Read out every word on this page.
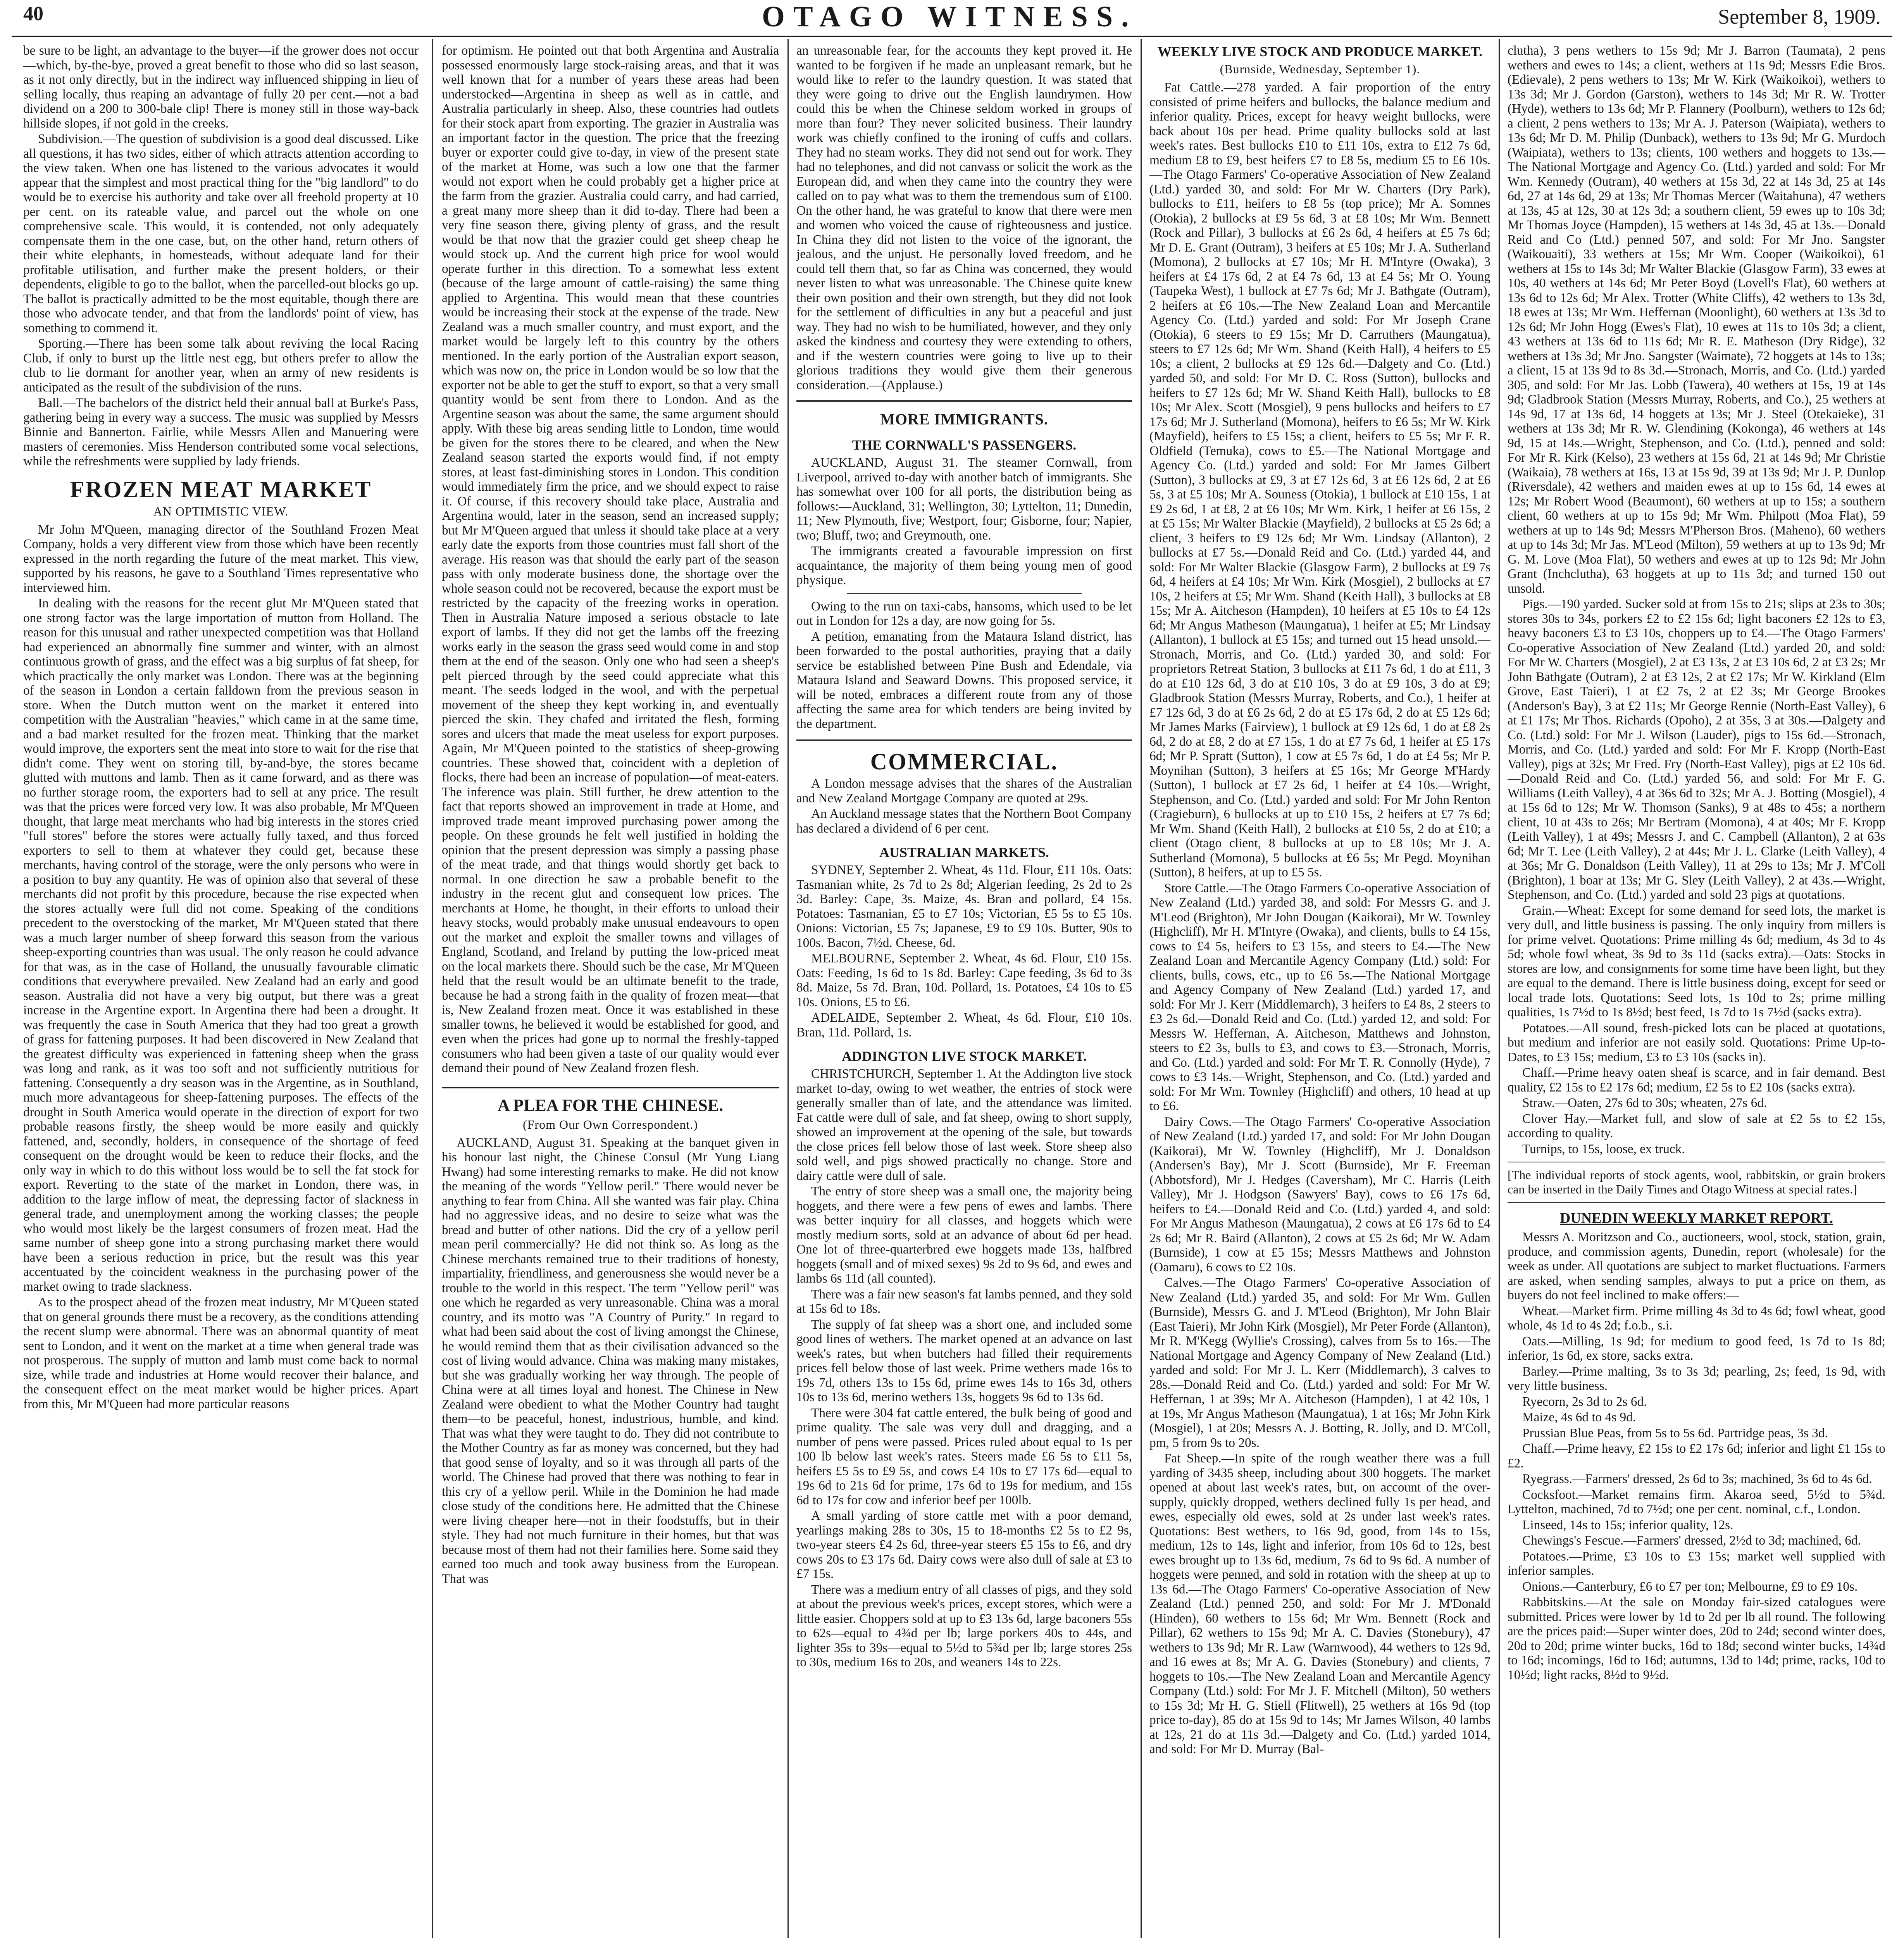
40	OTAGO WITNESS.	September 8, 1909.

be sure to be light, an advantage to the buyer—if the grower does not occur—which, by-the-bye, proved a great benefit to those who did so last season, as it not only directly, but in the indirect way influenced shipping in lieu of selling locally, thus reaping an advantage of fully 20 per cent.—not a bad dividend on a 200 to 300-bale clip! There is money still in those way-back hillside slopes, if not gold in the creeks.

Subdivision.—The question of subdivision is a good deal discussed. Like all questions, it has two sides, either of which attracts attention according to the view taken. When one has listened to the various advocates it would appear that the simplest and most practical thing for the "big landlord" to do would be to exercise his authority and take over all freehold property at 10 per cent. on its rateable value, and parcel out the whole on one comprehensive scale. This would, it is contended, not only adequately compensate them in the one case, but, on the other hand, return others of their white elephants, in homesteads, without adequate land for their profitable utilisation, and further make the present holders, or their dependents, eligible to go to the ballot, when the parcelled-out blocks go up. The ballot is practically admitted to be the most equitable, though there are those who advocate tender, and that from the landlords' point of view, has something to commend it.

Sporting.—There has been some talk about reviving the local Racing Club, if only to burst up the little nest egg, but others prefer to allow the club to lie dormant for another year, when an army of new residents is anticipated as the result of the subdivision of the runs.

Ball.—The bachelors of the district held their annual ball at Burke's Pass, gathering being in every way a success. The music was supplied by Messrs Binnie and Bannerton. Fairlie, while Messrs Allen and Manuering were masters of ceremonies. Miss Henderson contributed some vocal selections, while the refreshments were supplied by lady friends.

FROZEN MEAT MARKET
AN OPTIMISTIC VIEW.

Mr John M'Queen, managing director of the Southland Frozen Meat Company, holds a very different view from those which have been recently expressed in the north regarding the future of the meat market. This view, supported by his reasons, he gave to a Southland Times representative who interviewed him.

In dealing with the reasons for the recent glut Mr M'Queen stated that one strong factor was the large importation of mutton from Holland. The reason for this unusual and rather unexpected competition was that Holland had experienced an abnormally fine summer and winter, with an almost continuous growth of grass, and the effect was a big surplus of fat sheep, for which practically the only market was London. There was at the beginning of the season in London a certain falldown from the previous season in store. When the Dutch mutton went on the market it entered into competition with the Australian "heavies," which came in at the same time, and a bad market resulted for the frozen meat. Thinking that the market would improve, the exporters sent the meat into store to wait for the rise that didn't come. They went on storing till, by-and-bye, the stores became glutted with muttons and lamb. Then as it came forward, and as there was no further storage room, the exporters had to sell at any price. The result was that the prices were forced very low. It was also probable, Mr M'Queen thought, that large meat merchants who had big interests in the stores cried "full stores" before the stores were actually fully taxed, and thus forced exporters to sell to them at whatever they could get, because these merchants, having control of the storage, were the only persons who were in a position to buy any quantity. He was of opinion also that several of these merchants did not profit by this procedure, because the rise expected when the stores actually were full did not come. Speaking of the conditions precedent to the overstocking of the market, Mr M'Queen stated that there was a much larger number of sheep forward this season from the various sheep-exporting countries than was usual. The only reason he could advance for that was, as in the case of Holland, the unusually favourable climatic conditions that everywhere prevailed. New Zealand had an early and good season. Australia did not have a very big output, but there was a great increase in the Argentine export. In Argentina there had been a drought. It was frequently the case in South America that they had too great a growth of grass for fattening purposes. It had been discovered in New Zealand that the greatest difficulty was experienced in fattening sheep when the grass was long and rank, as it was too soft and not sufficiently nutritious for fattening. Consequently a dry season was in the Argentine, as in Southland, much more advantageous for sheep-fattening purposes. The effects of the drought in South America would operate in the direction of export for two probable reasons firstly, the sheep would be more easily and quickly fattened, and, secondly, holders, in consequence of the shortage of feed consequent on the drought would be keen to reduce their flocks, and the only way in which to do this without loss would be to sell the fat stock for export. Reverting to the state of the market in London, there was, in addition to the large inflow of meat, the depressing factor of slackness in general trade, and unemployment among the working classes; the people who would most likely be the largest consumers of frozen meat. Had the same number of sheep gone into a strong purchasing market there would have been a serious reduction in price, but the result was this year accentuated by the coincident weakness in the purchasing power of the market owing to trade slackness.

As to the prospect ahead of the frozen meat industry, Mr M'Queen stated that on general grounds there must be a recovery, as the conditions attending the recent slump were abnormal. There was an abnormal quantity of meat sent to London, and it went on the market at a time when general trade was not prosperous. The supply of mutton and lamb must come back to normal size, while trade and industries at Home would recover their balance, and the consequent effect on the meat market would be higher prices. Apart from this, Mr M'Queen had more particular reasons

for optimism. He pointed out that both Argentina and Australia possessed enormously large stock-raising areas, and that it was well known that for a number of years these areas had been understocked—Argentina in sheep as well as in cattle, and Australia particularly in sheep. Also, these countries had outlets for their stock apart from exporting. The grazier in Australia was an important factor in the question. The price that the freezing buyer or exporter could give to-day, in view of the present state of the market at Home, was such a low one that the farmer would not export when he could probably get a higher price at the farm from the grazier. Australia could carry, and had carried, a great many more sheep than it did to-day. There had been a very fine season there, giving plenty of grass, and the result would be that now that the grazier could get sheep cheap he would stock up. And the current high price for wool would operate further in this direction. To a somewhat less extent (because of the large amount of cattle-raising) the same thing applied to Argentina. This would mean that these countries would be increasing their stock at the expense of the trade. New Zealand was a much smaller country, and must export, and the market would be largely left to this country by the others mentioned. In the early portion of the Australian export season, which was now on, the price in London would be so low that the exporter not be able to get the stuff to export, so that a very small quantity would be sent from there to London. And as the Argentine season was about the same, the same argument should apply. With these big areas sending little to London, time would be given for the stores there to be cleared, and when the New Zealand season started the exports would find, if not empty stores, at least fast-diminishing stores in London. This condition would immediately firm the price, and we should expect to raise it. Of course, if this recovery should take place, Australia and Argentina would, later in the season, send an increased supply; but Mr M'Queen argued that unless it should take place at a very early date the exports from those countries must fall short of the average. His reason was that should the early part of the season pass with only moderate business done, the shortage over the whole season could not be recovered, because the export must be restricted by the capacity of the freezing works in operation. Then in Australia Nature imposed a serious obstacle to late export of lambs. If they did not get the lambs off the freezing works early in the season the grass seed would come in and stop them at the end of the season. Only one who had seen a sheep's pelt pierced through by the seed could appreciate what this meant. The seeds lodged in the wool, and with the perpetual movement of the sheep they kept working in, and eventually pierced the skin. They chafed and irritated the flesh, forming sores and ulcers that made the meat useless for export purposes. Again, Mr M'Queen pointed to the statistics of sheep-growing countries. These showed that, coincident with a depletion of flocks, there had been an increase of population—of meat-eaters. The inference was plain. Still further, he drew attention to the fact that reports showed an improvement in trade at Home, and improved trade meant improved purchasing power among the people. On these grounds he felt well justified in holding the opinion that the present depression was simply a passing phase of the meat trade, and that things would shortly get back to normal. In one direction he saw a probable benefit to the industry in the recent glut and consequent low prices. The merchants at Home, he thought, in their efforts to unload their heavy stocks, would probably make unusual endeavours to open out the market and exploit the smaller towns and villages of England, Scotland, and Ireland by putting the low-priced meat on the local markets there. Should such be the case, Mr M'Queen held that the result would be an ultimate benefit to the trade, because he had a strong faith in the quality of frozen meat—that is, New Zealand frozen meat. Once it was established in these smaller towns, he believed it would be established for good, and even when the prices had gone up to normal the freshly-tapped consumers who had been given a taste of our quality would ever demand their pound of New Zealand frozen flesh.

A PLEA FOR THE CHINESE.
(From Our Own Correspondent.)

AUCKLAND, August 31. Speaking at the banquet given in his honour last night, the Chinese Consul (Mr Yung Liang Hwang) had some interesting remarks to make. He did not know the meaning of the words "Yellow peril." There would never be anything to fear from China. All she wanted was fair play. China had no aggressive ideas, and no desire to seize what was the bread and butter of other nations. Did the cry of a yellow peril mean peril commercially? He did not think so. As long as the Chinese merchants remained true to their traditions of honesty, impartiality, friendliness, and generousness she would never be a trouble to the world in this respect. The term "Yellow peril" was one which he regarded as very unreasonable. China was a moral country, and its motto was "A Country of Purity." In regard to what had been said about the cost of living amongst the Chinese, he would remind them that as their civilisation advanced so the cost of living would advance. China was making many mistakes, but she was gradually working her way through. The people of China were at all times loyal and honest. The Chinese in New Zealand were obedient to what the Mother Country had taught them—to be peaceful, honest, industrious, humble, and kind. That was what they were taught to do. They did not contribute to the Mother Country as far as money was concerned, but they had that good sense of loyalty, and so it was through all parts of the world. The Chinese had proved that there was nothing to fear in this cry of a yellow peril. While in the Dominion he had made close study of the conditions here. He admitted that the Chinese were living cheaper here—not in their foodstuffs, but in their style. They had not much furniture in their homes, but that was because most of them had not their families here. Some said they earned too much and took away business from the European. That was

an unreasonable fear, for the accounts they kept proved it. He wanted to be forgiven if he made an unpleasant remark, but he would like to refer to the laundry question. It was stated that they were going to drive out the English laundrymen. How could this be when the Chinese seldom worked in groups of more than four? They never solicited business. Their laundry work was chiefly confined to the ironing of cuffs and collars. They had no steam works. They did not send out for work. They had no telephones, and did not canvass or solicit the work as the European did, and when they came into the country they were called on to pay what was to them the tremendous sum of £100. On the other hand, he was grateful to know that there were men and women who voiced the cause of righteousness and justice. In China they did not listen to the voice of the ignorant, the jealous, and the unjust. He personally loved freedom, and he could tell them that, so far as China was concerned, they would never listen to what was unreasonable. The Chinese quite knew their own position and their own strength, but they did not look for the settlement of difficulties in any but a peaceful and just way. They had no wish to be humiliated, however, and they only asked the kindness and courtesy they were extending to others, and if the western countries were going to live up to their glorious traditions they would give them their generous consideration.—(Applause.)

MORE IMMIGRANTS.
THE CORNWALL'S PASSENGERS.

AUCKLAND, August 31. The steamer Cornwall, from Liverpool, arrived to-day with another batch of immigrants. She has somewhat over 100 for all ports, the distribution being as follows:—Auckland, 31; Wellington, 30; Lyttelton, 11; Dunedin, 11; New Plymouth, five; Westport, four; Gisborne, four; Napier, two; Bluff, two; and Greymouth, one.

The immigrants created a favourable impression on first acquaintance, the majority of them being young men of good physique.

Owing to the run on taxi-cabs, hansoms, which used to be let out in London for 12s a day, are now going for 5s.

A petition, emanating from the Mataura Island district, has been forwarded to the postal authorities, praying that a daily service be established between Pine Bush and Edendale, via Mataura Island and Seaward Downs. This proposed service, it will be noted, embraces a different route from any of those affecting the same area for which tenders are being invited by the department.

COMMERCIAL.

A London message advises that the shares of the Australian and New Zealand Mortgage Company are quoted at 29s.

An Auckland message states that the Northern Boot Company has declared a dividend of 6 per cent.

AUSTRALIAN MARKETS.

SYDNEY, September 2. Wheat, 4s 11d. Flour, £11 10s. Oats: Tasmanian white, 2s 7d to 2s 8d; Algerian feeding, 2s 2d to 2s 3d. Barley: Cape, 3s. Maize, 4s. Bran and pollard, £4 15s. Potatoes: Tasmanian, £5 to £7 10s; Victorian, £5 5s to £5 10s. Onions: Victorian, £5 7s; Japanese, £9 to £9 10s. Butter, 90s to 100s. Bacon, 7½d. Cheese, 6d.

MELBOURNE, September 2. Wheat, 4s 6d. Flour, £10 15s. Oats: Feeding, 1s 6d to 1s 8d. Barley: Cape feeding, 3s 6d to 3s 8d. Maize, 5s 7d. Bran, 10d. Pollard, 1s. Potatoes, £4 10s to £5 10s. Onions, £5 to £6.

ADELAIDE, September 2. Wheat, 4s 6d. Flour, £10 10s. Bran, 11d. Pollard, 1s.

ADDINGTON LIVE STOCK MARKET.

CHRISTCHURCH, September 1. At the Addington live stock market to-day, owing to wet weather, the entries of stock were generally smaller than of late, and the attendance was limited. Fat cattle were dull of sale, and fat sheep, owing to short supply, showed an improvement at the opening of the sale, but towards the close prices fell below those of last week. Store sheep also sold well, and pigs showed practically no change. Store and dairy cattle were dull of sale.

The entry of store sheep was a small one, the majority being hoggets, and there were a few pens of ewes and lambs. There was better inquiry for all classes, and hoggets which were mostly medium sorts, sold at an advance of about 6d per head. One lot of three-quarterbred ewe hoggets made 13s, halfbred hoggets (small and of mixed sexes) 9s 2d to 9s 6d, and ewes and lambs 6s 11d (all counted).

There was a fair new season's fat lambs penned, and they sold at 15s 6d to 18s.

The supply of fat sheep was a short one, and included some good lines of wethers. The market opened at an advance on last week's rates, but when butchers had filled their requirements prices fell below those of last week. Prime wethers made 16s to 19s 7d, others 13s to 15s 6d, prime ewes 14s to 16s 3d, others 10s to 13s 6d, merino wethers 13s, hoggets 9s 6d to 13s 6d.

There were 304 fat cattle entered, the bulk being of good and prime quality. The sale was very dull and dragging, and a number of pens were passed. Prices ruled about equal to 1s per 100 lb below last week's rates. Steers made £6 5s to £11 5s, heifers £5 5s to £9 5s, and cows £4 10s to £7 17s 6d—equal to 19s 6d to 21s 6d for prime, 17s 6d to 19s for medium, and 15s 6d to 17s for cow and inferior beef per 100lb.

A small yarding of store cattle met with a poor demand, yearlings making 28s to 30s, 15 to 18-months £2 5s to £2 9s, two-year steers £4 2s 6d, three-year steers £5 15s to £6, and dry cows 20s to £3 17s 6d. Dairy cows were also dull of sale at £3 to £7 15s.

There was a medium entry of all classes of pigs, and they sold at about the previous week's prices, except stores, which were a little easier. Choppers sold at up to £3 13s 6d, large baconers 55s to 62s—equal to 4¾d per lb; large porkers 40s to 44s, and lighter 35s to 39s—equal to 5½d to 5¾d per lb; large stores 25s to 30s, medium 16s to 20s, and weaners 14s to 22s.

WEEKLY LIVE STOCK AND PRODUCE MARKET.
(Burnside, Wednesday, September 1).

Fat Cattle.—278 yarded. A fair proportion of the entry consisted of prime heifers and bullocks, the balance medium and inferior quality. Prices, except for heavy weight bullocks, were back about 10s per head. Prime quality bullocks sold at last week's rates. Best bullocks £10 to £11 10s, extra to £12 7s 6d, medium £8 to £9, best heifers £7 to £8 5s, medium £5 to £6 10s.—The Otago Farmers' Co-operative Association of New Zealand (Ltd.) yarded 30, and sold: For Mr W. Charters (Dry Park), bullocks to £11, heifers to £8 5s (top price); Mr A. Somnes (Otokia), 2 bullocks at £9 5s 6d, 3 at £8 10s; Mr Wm. Bennett (Rock and Pillar), 3 bullocks at £6 2s 6d, 4 heifers at £5 7s 6d; Mr D. E. Grant (Outram), 3 heifers at £5 10s; Mr J. A. Sutherland (Momona), 2 bullocks at £7 10s; Mr H. M'Intyre (Owaka), 3 heifers at £4 17s 6d, 2 at £4 7s 6d, 13 at £4 5s; Mr O. Young (Taupeka West), 1 bullock at £7 7s 6d; Mr J. Bathgate (Outram), 2 heifers at £6 10s.—The New Zealand Loan and Mercantile Agency Co. (Ltd.) yarded and sold: For Mr Joseph Crane (Otokia), 6 steers to £9 15s; Mr D. Carruthers (Maungatua), steers to £7 12s 6d; Mr Wm. Shand (Keith Hall), 4 heifers to £5 10s; a client, 2 bullocks at £9 12s 6d.—Dalgety and Co. (Ltd.) yarded 50, and sold: For Mr D. C. Ross (Sutton), bullocks and heifers to £7 12s 6d; Mr W. Shand Keith Hall), bullocks to £8 10s; Mr Alex. Scott (Mosgiel), 9 pens bullocks and heifers to £7 17s 6d; Mr J. Sutherland (Momona), heifers to £6 5s; Mr W. Kirk (Mayfield), heifers to £5 15s; a client, heifers to £5 5s; Mr F. R. Oldfield (Temuka), cows to £5.—The National Mortgage and Agency Co. (Ltd.) yarded and sold: For Mr James Gilbert (Sutton), 3 bullocks at £9, 3 at £7 12s 6d, 3 at £6 12s 6d, 2 at £6 5s, 3 at £5 10s; Mr A. Souness (Otokia), 1 bullock at £10 15s, 1 at £9 2s 6d, 1 at £8, 2 at £6 10s; Mr Wm. Kirk, 1 heifer at £6 15s, 2 at £5 15s; Mr Walter Blackie (Mayfield), 2 bullocks at £5 2s 6d; a client, 3 heifers to £9 12s 6d; Mr Wm. Lindsay (Allanton), 2 bullocks at £7 5s.—Donald Reid and Co. (Ltd.) yarded 44, and sold: For Mr Walter Blackie (Glasgow Farm), 2 bullocks at £9 7s 6d, 4 heifers at £4 10s; Mr Wm. Kirk (Mosgiel), 2 bullocks at £7 10s, 2 heifers at £5; Mr Wm. Shand (Keith Hall), 3 bullocks at £8 15s; Mr A. Aitcheson (Hampden), 10 heifers at £5 10s to £4 12s 6d; Mr Angus Matheson (Maungatua), 1 heifer at £5; Mr Lindsay (Allanton), 1 bullock at £5 15s; and turned out 15 head unsold.—Stronach, Morris, and Co. (Ltd.) yarded 30, and sold: For proprietors Retreat Station, 3 bullocks at £11 7s 6d, 1 do at £11, 3 do at £10 12s 6d, 3 do at £10 10s, 3 do at £9 10s, 3 do at £9; Gladbrook Station (Messrs Murray, Roberts, and Co.), 1 heifer at £7 12s 6d, 3 do at £6 2s 6d, 2 do at £5 17s 6d, 2 do at £5 12s 6d; Mr James Marks (Fairview), 1 bullock at £9 12s 6d, 1 do at £8 2s 6d, 2 do at £8, 2 do at £7 15s, 1 do at £7 7s 6d, 1 heifer at £5 17s 6d; Mr P. Spratt (Sutton), 1 cow at £5 7s 6d, 1 do at £4 5s; Mr P. Moynihan (Sutton), 3 heifers at £5 16s; Mr George M'Hardy (Sutton), 1 bullock at £7 2s 6d, 1 heifer at £4 10s.—Wright, Stephenson, and Co. (Ltd.) yarded and sold: For Mr John Renton (Cragieburn), 6 bullocks at up to £10 15s, 2 heifers at £7 7s 6d; Mr Wm. Shand (Keith Hall), 2 bullocks at £10 5s, 2 do at £10; a client (Otago client, 8 bullocks at up to £8 10s; Mr J. A. Sutherland (Momona), 5 bullocks at £6 5s; Mr Pegd. Moynihan (Sutton), 8 heifers, at up to £5 5s.

Store Cattle.—The Otago Farmers Co-operative Association of New Zealand (Ltd.) yarded 38, and sold: For Messrs G. and J. M'Leod (Brighton), Mr John Dougan (Kaikorai), Mr W. Townley (Highcliff), Mr H. M'Intyre (Owaka), and clients, bulls to £4 15s, cows to £4 5s, heifers to £3 15s, and steers to £4.—The New Zealand Loan and Mercantile Agency Company (Ltd.) sold: For clients, bulls, cows, etc., up to £6 5s.—The National Mortgage and Agency Company of New Zealand (Ltd.) yarded 17, and sold: For Mr J. Kerr (Middlemarch), 3 heifers to £4 8s, 2 steers to £3 2s 6d.—Donald Reid and Co. (Ltd.) yarded 12, and sold: For Messrs W. Heffernan, A. Aitcheson, Matthews and Johnston, steers to £2 3s, bulls to £3, and cows to £3.—Stronach, Morris, and Co. (Ltd.) yarded and sold: For Mr T. R. Connolly (Hyde), 7 cows to £3 14s.—Wright, Stephenson, and Co. (Ltd.) yarded and sold: For Mr Wm. Townley (Highcliff) and others, 10 head at up to £6.

Dairy Cows.—The Otago Farmers' Co-operative Association of New Zealand (Ltd.) yarded 17, and sold: For Mr John Dougan (Kaikorai), Mr W. Townley (Highcliff), Mr J. Donaldson (Andersen's Bay), Mr J. Scott (Burnside), Mr F. Freeman (Abbotsford), Mr J. Hedges (Caversham), Mr C. Harris (Leith Valley), Mr J. Hodgson (Sawyers' Bay), cows to £6 17s 6d, heifers to £4.—Donald Reid and Co. (Ltd.) yarded 4, and sold: For Mr Angus Matheson (Maungatua), 2 cows at £6 17s 6d to £4 2s 6d; Mr R. Baird (Allanton), 2 cows at £5 2s 6d; Mr W. Adam (Burnside), 1 cow at £5 15s; Messrs Matthews and Johnston (Oamaru), 6 cows to £2 10s.

Calves.—The Otago Farmers' Co-operative Association of New Zealand (Ltd.) yarded 35, and sold: For Mr Wm. Gullen (Burnside), Messrs G. and J. M'Leod (Brighton), Mr John Blair (East Taieri), Mr John Kirk (Mosgiel), Mr Peter Forde (Allanton), Mr R. M'Kegg (Wyllie's Crossing), calves from 5s to 16s.—The National Mortgage and Agency Company of New Zealand (Ltd.) yarded and sold: For Mr J. L. Kerr (Middlemarch), 3 calves to 28s.—Donald Reid and Co. (Ltd.) yarded and sold: For Mr W. Heffernan, 1 at 39s; Mr A. Aitcheson (Hampden), 1 at 42 10s, 1 at 19s, Mr Angus Matheson (Maungatua), 1 at 16s; Mr John Kirk (Mosgiel), 1 at 20s; Messrs A. J. Botting, R. Jolly, and D. M'Coll, pm, 5 from 9s to 20s.

Fat Sheep.—In spite of the rough weather there was a full yarding of 3435 sheep, including about 300 hoggets. The market opened at about last week's rates, but, on account of the over-supply, quickly dropped, wethers declined fully 1s per head, and ewes, especially old ewes, sold at 2s under last week's rates. Quotations: Best wethers, to 16s 9d, good, from 14s to 15s, medium, 12s to 14s, light and inferior, from 10s 6d to 12s, best ewes brought up to 13s 6d, medium, 7s 6d to 9s 6d. A number of hoggets were penned, and sold in rotation with the sheep at up to 13s 6d.—The Otago Farmers' Co-operative Association of New Zealand (Ltd.) penned 250, and sold: For Mr J. M'Donald (Hinden), 60 wethers to 15s 6d; Mr Wm. Bennett (Rock and Pillar), 62 wethers to 15s 9d; Mr A. C. Davies (Stonebury), 47 wethers to 13s 9d; Mr R. Law (Warnwood), 44 wethers to 12s 9d, and 16 ewes at 8s; Mr A. G. Davies (Stonebury) and clients, 7 hoggets to 10s.—The New Zealand Loan and Mercantile Agency Company (Ltd.) sold: For Mr J. F. Mitchell (Milton), 50 wethers to 15s 3d; Mr H. G. Stiell (Flitwell), 25 wethers at 16s 9d (top price to-day), 85 do at 15s 9d to 14s; Mr James Wilson, 40 lambs at 12s, 21 do at 11s 3d.—Dalgety and Co. (Ltd.) yarded 1014, and sold: For Mr D. Murray (Bal-

clutha), 3 pens wethers to 15s 9d; Mr J. Barron (Taumata), 2 pens wethers and ewes to 14s; a client, wethers at 11s 9d; Messrs Edie Bros. (Edievale), 2 pens wethers to 13s; Mr W. Kirk (Waikoikoi), wethers to 13s 3d; Mr J. Gordon (Garston), wethers to 14s 3d; Mr R. W. Trotter (Hyde), wethers to 13s 6d; Mr P. Flannery (Poolburn), wethers to 12s 6d; a client, 2 pens wethers to 13s; Mr A. J. Paterson (Waipiata), wethers to 13s 6d; Mr D. M. Philip (Dunback), wethers to 13s 9d; Mr G. Murdoch (Waipiata), wethers to 13s; clients, 100 wethers and hoggets to 13s.—The National Mortgage and Agency Co. (Ltd.) yarded and sold: For Mr Wm. Kennedy (Outram), 40 wethers at 15s 3d, 22 at 14s 3d, 25 at 14s 6d, 27 at 14s 6d, 29 at 13s; Mr Thomas Mercer (Waitahuna), 47 wethers at 13s, 45 at 12s, 30 at 12s 3d; a southern client, 59 ewes up to 10s 3d; Mr Thomas Joyce (Hampden), 15 wethers at 14s 3d, 45 at 13s.—Donald Reid and Co (Ltd.) penned 507, and sold: For Mr Jno. Sangster (Waikouaiti), 33 wethers at 15s; Mr Wm. Cooper (Waikoikoi), 61 wethers at 15s to 14s 3d; Mr Walter Blackie (Glasgow Farm), 33 ewes at 10s, 40 wethers at 14s 6d; Mr Peter Boyd (Lovell's Flat), 60 wethers at 13s 6d to 12s 6d; Mr Alex. Trotter (White Cliffs), 42 wethers to 13s 3d, 18 ewes at 13s; Mr Wm. Heffernan (Moonlight), 60 wethers at 13s 3d to 12s 6d; Mr John Hogg (Ewes's Flat), 10 ewes at 11s to 10s 3d; a client, 43 wethers at 13s 6d to 11s 6d; Mr R. E. Matheson (Dry Ridge), 32 wethers at 13s 3d; Mr Jno. Sangster (Waimate), 72 hoggets at 14s to 13s; a client, 15 at 13s 9d to 8s 3d.—Stronach, Morris, and Co. (Ltd.) yarded 305, and sold: For Mr Jas. Lobb (Tawera), 40 wethers at 15s, 19 at 14s 9d; Gladbrook Station (Messrs Murray, Roberts, and Co.), 25 wethers at 14s 9d, 17 at 13s 6d, 14 hoggets at 13s; Mr J. Steel (Otekaieke), 31 wethers at 13s 3d; Mr R. W. Glendining (Kokonga), 46 wethers at 14s 9d, 15 at 14s.—Wright, Stephenson, and Co. (Ltd.), penned and sold: For Mr R. Kirk (Kelso), 23 wethers at 15s 6d, 21 at 14s 9d; Mr Christie (Waikaia), 78 wethers at 16s, 13 at 15s 9d, 39 at 13s 9d; Mr J. P. Dunlop (Riversdale), 42 wethers and maiden ewes at up to 15s 6d, 14 ewes at 12s; Mr Robert Wood (Beaumont), 60 wethers at up to 15s; a southern client, 60 wethers at up to 15s 9d; Mr Wm. Philpott (Moa Flat), 59 wethers at up to 14s 9d; Messrs M'Pherson Bros. (Maheno), 60 wethers at up to 14s 3d; Mr Jas. M'Leod (Milton), 59 wethers at up to 13s 9d; Mr G. M. Love (Moa Flat), 50 wethers and ewes at up to 12s 9d; Mr John Grant (Inchclutha), 63 hoggets at up to 11s 3d; and turned 150 out unsold.

Pigs.—190 yarded. Sucker sold at from 15s to 21s; slips at 23s to 30s; stores 30s to 34s, porkers £2 to £2 15s 6d; light baconers £2 12s to £3, heavy baconers £3 to £3 10s, choppers up to £4.—The Otago Farmers' Co-operative Association of New Zealand (Ltd.) yarded 20, and sold: For Mr W. Charters (Mosgiel), 2 at £3 13s, 2 at £3 10s 6d, 2 at £3 2s; Mr John Bathgate (Outram), 2 at £3 12s, 2 at £2 17s; Mr W. Kirkland (Elm Grove, East Taieri), 1 at £2 7s, 2 at £2 3s; Mr George Brookes (Anderson's Bay), 3 at £2 11s; Mr George Rennie (North-East Valley), 6 at £1 17s; Mr Thos. Richards (Opoho), 2 at 35s, 3 at 30s.—Dalgety and Co. (Ltd.) sold: For Mr J. Wilson (Lauder), pigs to 15s 6d.—Stronach, Morris, and Co. (Ltd.) yarded and sold: For Mr F. Kropp (North-East Valley), pigs at 32s; Mr Fred. Fry (North-East Valley), pigs at £2 10s 6d.—Donald Reid and Co. (Ltd.) yarded 56, and sold: For Mr F. G. Williams (Leith Valley), 4 at 36s 6d to 32s; Mr A. J. Botting (Mosgiel), 4 at 15s 6d to 12s; Mr W. Thomson (Sanks), 9 at 48s to 45s; a northern client, 10 at 43s to 26s; Mr Bertram (Momona), 4 at 40s; Mr F. Kropp (Leith Valley), 1 at 49s; Messrs J. and C. Campbell (Allanton), 2 at 63s 6d; Mr T. Lee (Leith Valley), 2 at 44s; Mr J. L. Clarke (Leith Valley), 4 at 36s; Mr G. Donaldson (Leith Valley), 11 at 29s to 13s; Mr J. M'Coll (Brighton), 1 boar at 13s; Mr G. Sley (Leith Valley), 2 at 43s.—Wright, Stephenson, and Co. (Ltd.) yarded and sold 23 pigs at quotations.

Grain.—Wheat: Except for some demand for seed lots, the market is very dull, and little business is passing. The only inquiry from millers is for prime velvet. Quotations: Prime milling 4s 6d; medium, 4s 3d to 4s 5d; whole fowl wheat, 3s 9d to 3s 11d (sacks extra).—Oats: Stocks in stores are low, and consignments for some time have been light, but they are equal to the demand. There is little business doing, except for seed or local trade lots. Quotations: Seed lots, 1s 10d to 2s; prime milling qualities, 1s 7½d to 1s 8½d; best feed, 1s 7d to 1s 7½d (sacks extra).

Potatoes.—All sound, fresh-picked lots can be placed at quotations, but medium and inferior are not easily sold. Quotations: Prime Up-to-Dates, to £3 15s; medium, £3 to £3 10s (sacks in).

Chaff.—Prime heavy oaten sheaf is scarce, and in fair demand. Best quality, £2 15s to £2 17s 6d; medium, £2 5s to £2 10s (sacks extra).

Straw.—Oaten, 27s 6d to 30s; wheaten, 27s 6d.

Clover Hay.—Market full, and slow of sale at £2 5s to £2 15s, according to quality.

Turnips, to 15s, loose, ex truck.

[The individual reports of stock agents, wool, rabbitskin, or grain brokers can be inserted in the Daily Times and Otago Witness at special rates.]
DUNEDIN WEEKLY MARKET REPORT.

Messrs A. Moritzson and Co., auctioneers, wool, stock, station, grain, produce, and commission agents, Dunedin, report (wholesale) for the week as under. All quotations are subject to market fluctuations. Farmers are asked, when sending samples, always to put a price on them, as buyers do not feel inclined to make offers:—

Wheat.—Market firm. Prime milling 4s 3d to 4s 6d; fowl wheat, good whole, 4s 1d to 4s 2d; f.o.b., s.i.

Oats.—Milling, 1s 9d; for medium to good feed, 1s 7d to 1s 8d; inferior, 1s 6d, ex store, sacks extra.

Barley.—Prime malting, 3s to 3s 3d; pearling, 2s; feed, 1s 9d, with very little business.

Ryecorn, 2s 3d to 2s 6d.

Maize, 4s 6d to 4s 9d.

Prussian Blue Peas, from 5s to 5s 6d. Partridge peas, 3s 3d.

Chaff.—Prime heavy, £2 15s to £2 17s 6d; inferior and light £1 15s to £2.

Ryegrass.—Farmers' dressed, 2s 6d to 3s; machined, 3s 6d to 4s 6d.

Cocksfoot.—Market remains firm. Akaroa seed, 5½d to 5¾d. Lyttelton, machined, 7d to 7½d; one per cent. nominal, c.f., London.

Linseed, 14s to 15s; inferior quality, 12s.

Chewings's Fescue.—Farmers' dressed, 2½d to 3d; machined, 6d.

Potatoes.—Prime, £3 10s to £3 15s; market well supplied with inferior samples.

Onions.—Canterbury, £6 to £7 per ton; Melbourne, £9 to £9 10s.

Rabbitskins.—At the sale on Monday fair-sized catalogues were submitted. Prices were lower by 1d to 2d per lb all round. The following are the prices paid:—Super winter does, 20d to 24d; second winter does, 20d to 20d; prime winter bucks, 16d to 18d; second winter bucks, 14¾d to 16d; incomings, 16d to 16d; autumns, 13d to 14d; prime, racks, 10d to 10½d; light racks, 8½d to 9½d.
